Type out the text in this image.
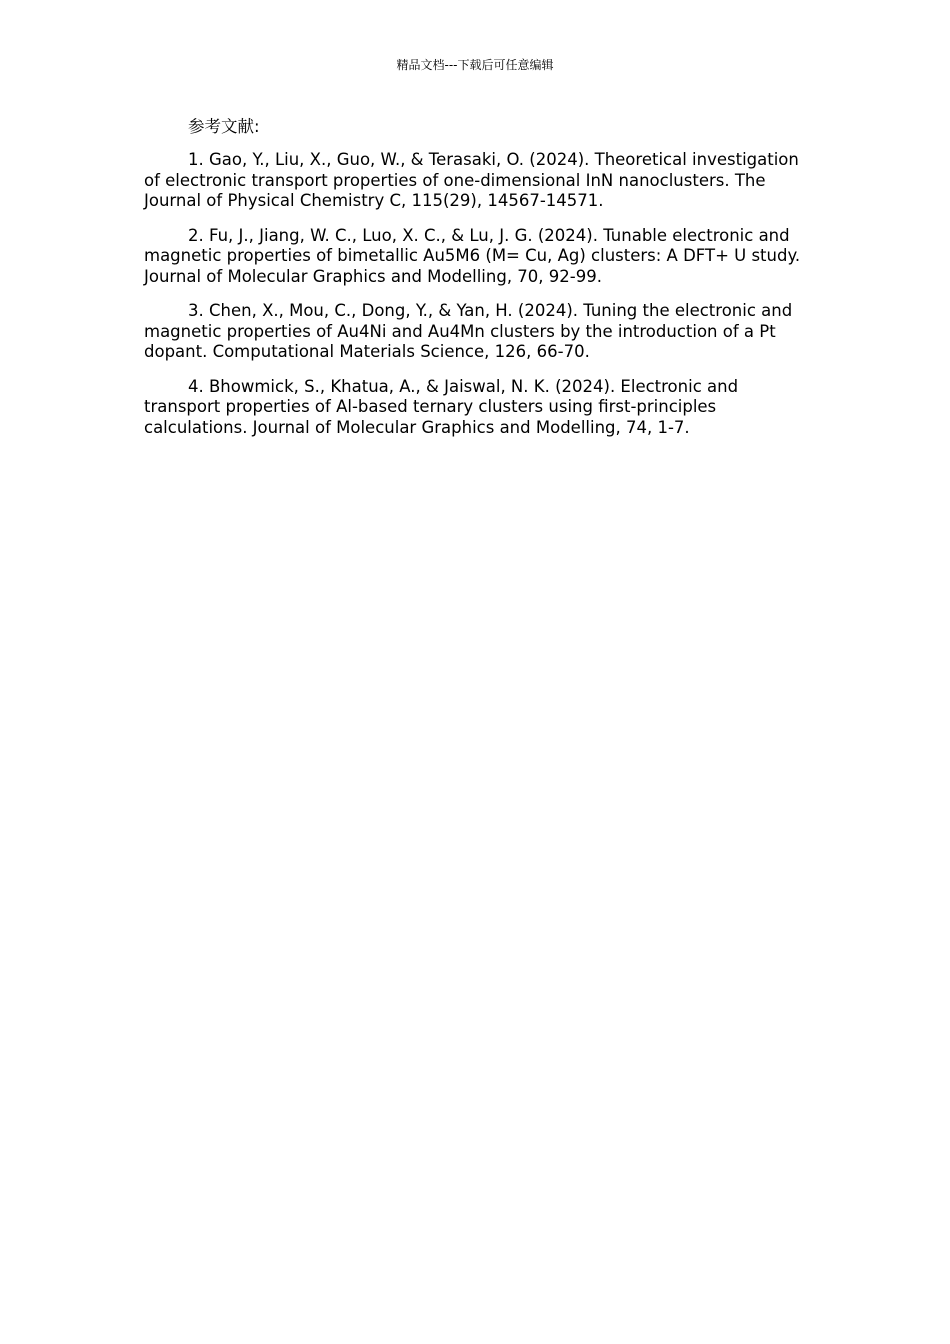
精品文档---下载后可任意编辑

参考文献:

1. Gao, Y., Liu, X., Guo, W., & Terasaki, O. (2024). Theoretical investigation of electronic transport properties of one-dimensional InN nanoclusters. The Journal of Physical Chemistry C, 115(29), 14567-14571.
2. Fu, J., Jiang, W. C., Luo, X. C., & Lu, J. G. (2024). Tunable electronic and magnetic properties of bimetallic Au5M6 (M= Cu, Ag) clusters: A DFT+ U study. Journal of Molecular Graphics and Modelling, 70, 92-99.
3. Chen, X., Mou, C., Dong, Y., & Yan, H. (2024). Tuning the electronic and magnetic properties of Au4Ni and Au4Mn clusters by the introduction of a Pt dopant. Computational Materials Science, 126, 66-70.
4. Bhowmick, S., Khatua, A., & Jaiswal, N. K. (2024). Electronic and transport properties of Al-based ternary clusters using first-principles calculations. Journal of Molecular Graphics and Modelling, 74, 1-7.
